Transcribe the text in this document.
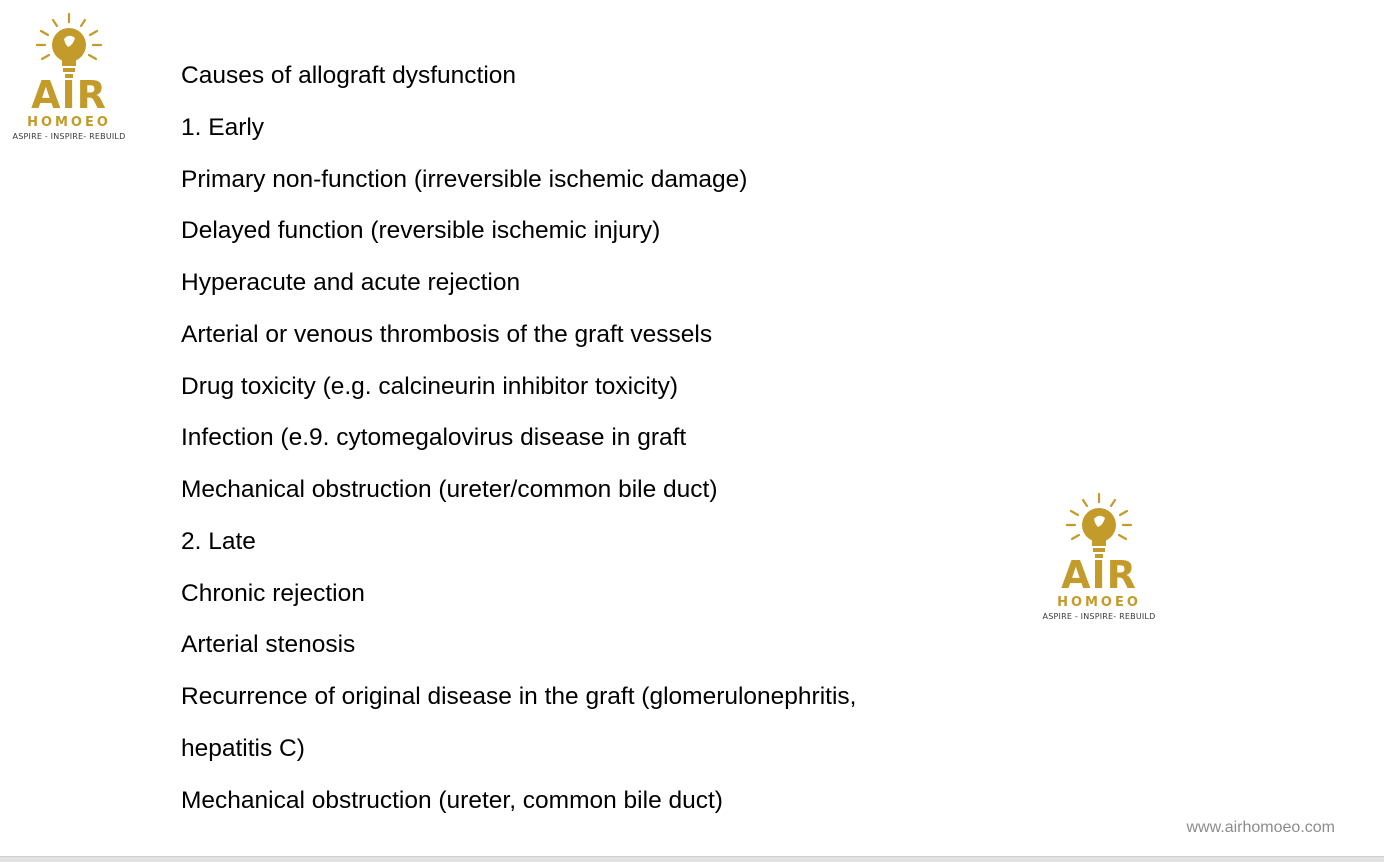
AIR
HOMOEO
ASPIRE - INSPIRE- REBUILD
Causes of allograft dysfunction
1. Early
Primary non-function (irreversible ischemic damage)
Delayed function (reversible ischemic injury)
Hyperacute and acute rejection
Arterial or venous thrombosis of the graft vessels
Drug toxicity (e.g. calcineurin inhibitor toxicity)
Infection (e.9. cytomegalovirus disease in graft
Mechanical obstruction (ureter/common bile duct)
2. Late
Chronic rejection
Arterial stenosis
Recurrence of original disease in the graft (glomerulonephritis,
hepatitis C)
Mechanical obstruction (ureter, common bile duct)
AIR
HOMOEO
ASPIRE - INSPIRE- REBUILD
www.airhomoeo.com
